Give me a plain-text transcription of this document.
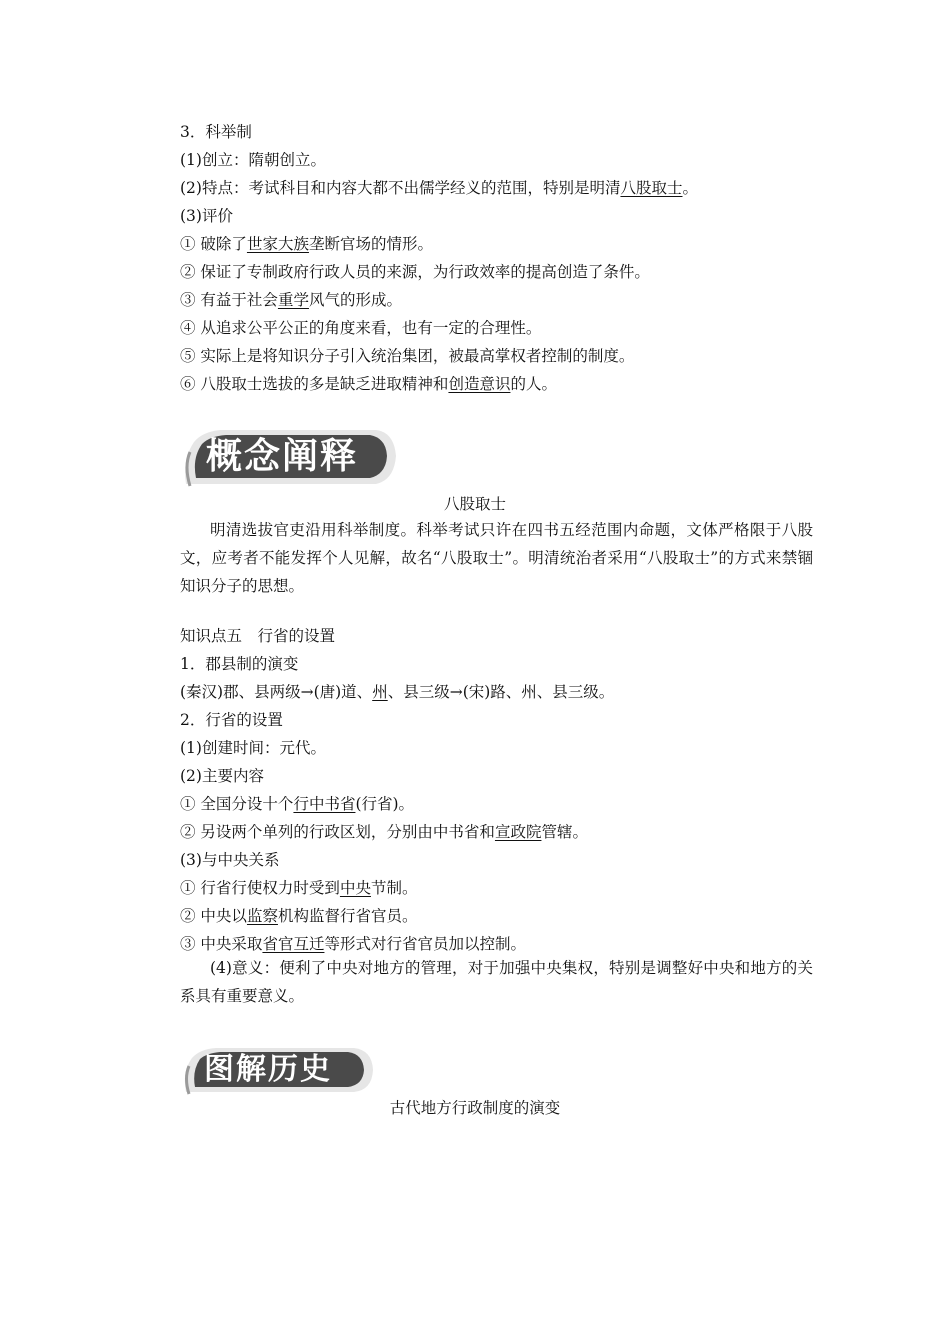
3．科举制
(1)创立：隋朝创立。
(2)特点：考试科目和内容大都不出儒学经义的范围，特别是明清八股取士。
(3)评价
① 破除了世家大族垄断官场的情形。
② 保证了专制政府行政人员的来源，为行政效率的提高创造了条件。
③ 有益于社会重学风气的形成。
④ 从追求公平公正的角度来看，也有一定的合理性。
⑤ 实际上是将知识分子引入统治集团，被最高掌权者控制的制度。
⑥ 八股取士选拔的多是缺乏进取精神和创造意识的人。
概念阐释
八股取士
明清选拔官吏沿用科举制度。科举考试只许在四书五经范围内命题，文体严格限于八股文，应考者不能发挥个人见解，故名“八股取士”。明清统治者采用“八股取士”的方式来禁锢知识分子的思想。
知识点五　行省的设置
1．郡县制的演变
(秦汉)郡、县两级→(唐)道、州、县三级→(宋)路、州、县三级。
2．行省的设置
(1)创建时间：元代。
(2)主要内容
① 全国分设十个行中书省(行省)。
② 另设两个单列的行政区划，分别由中书省和宣政院管辖。
(3)与中央关系
① 行省行使权力时受到中央节制。
② 中央以监察机构监督行省官员。
③ 中央采取省官互迁等形式对行省官员加以控制。
(4)意义：便利了中央对地方的管理，对于加强中央集权，特别是调整好中央和地方的关系具有重要意义。
图解历史
古代地方行政制度的演变
